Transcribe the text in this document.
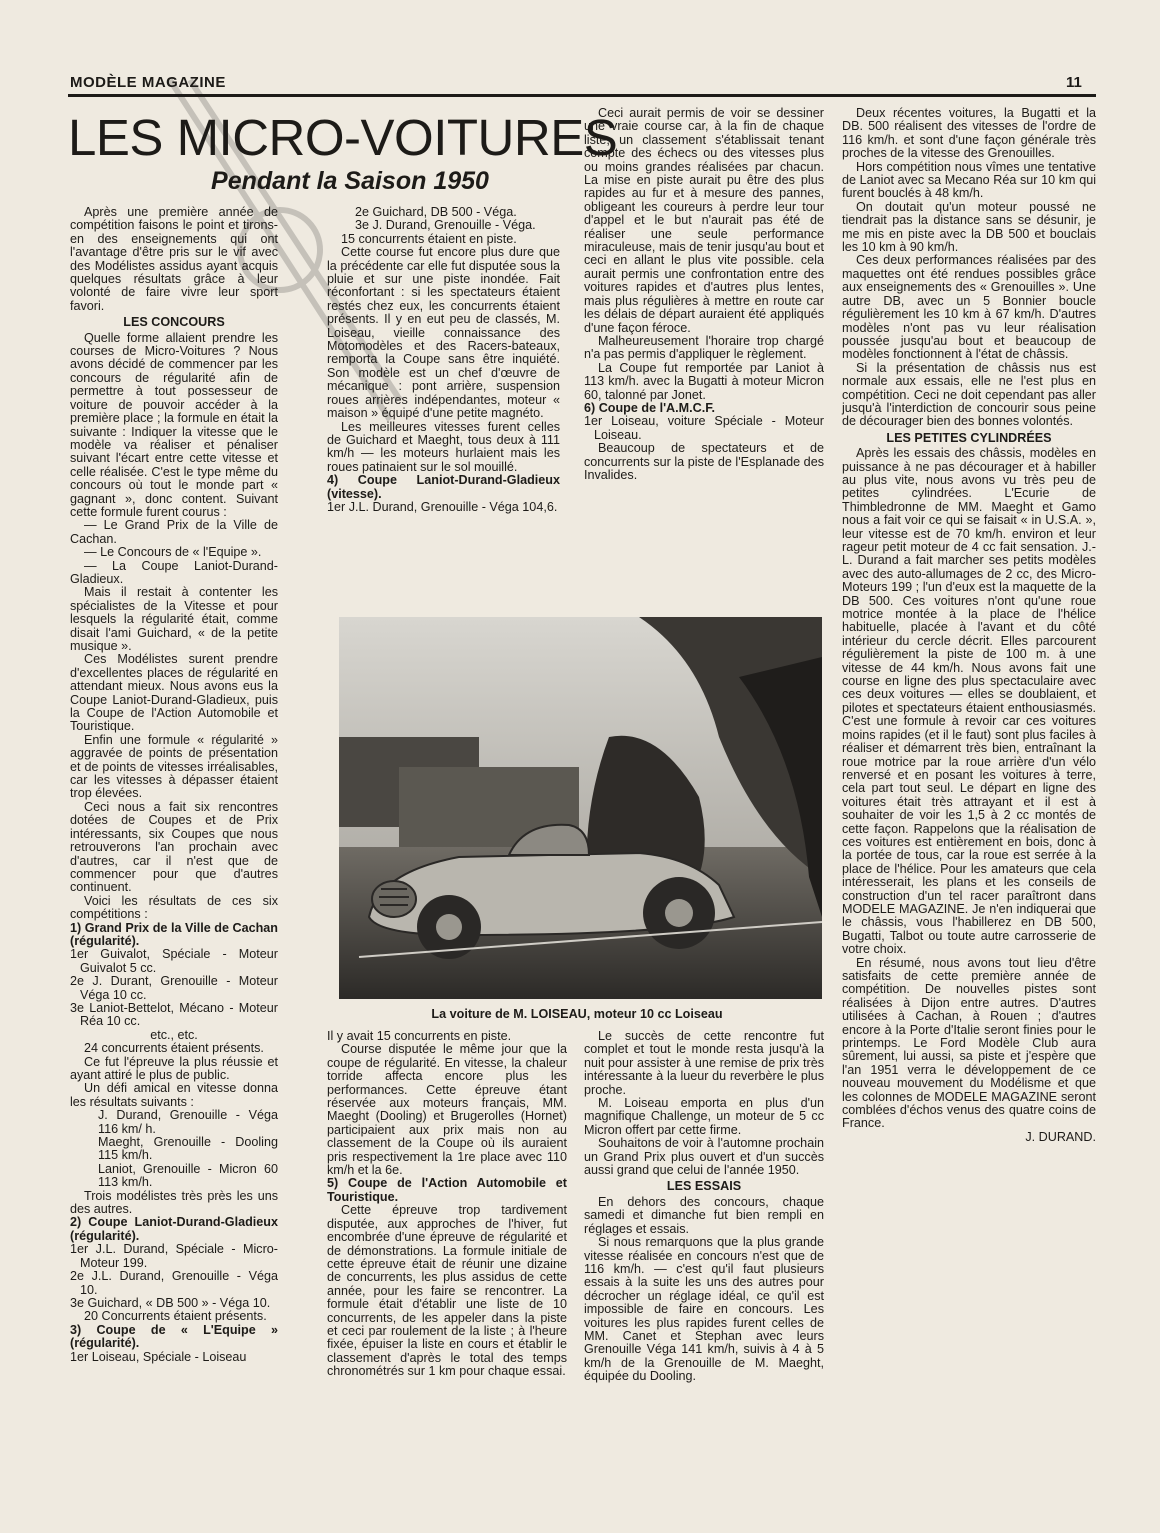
MODÈLE MAGAZINE	11
LES MICRO-VOITURES
Pendant la Saison 1950

Après une première année de compétition faisons le point et tirons-en des enseignements qui ont l'avantage d'être pris sur le vif avec des Modélistes assidus ayant acquis quelques résultats grâce à leur volonté de faire vivre leur sport favori.

LES CONCOURS

Quelle forme allaient prendre les courses de Micro-Voitures ? Nous avons décidé de commencer par les concours de régularité afin de permettre à tout possesseur de voiture de pouvoir accéder à la première place ; la formule en était la suivante : Indiquer la vitesse que le modèle va réaliser et pénaliser suivant l'écart entre cette vitesse et celle réalisée. C'est le type même du concours où tout le monde part « gagnant », donc content. Suivant cette formule furent courus :

— Le Grand Prix de la Ville de Cachan.

— Le Concours de « l'Equipe ».

— La Coupe Laniot-Durand-Gladieux.

Mais il restait à contenter les spécialistes de la Vitesse et pour lesquels la régularité était, comme disait l'ami Guichard, « de la petite musique ».

Ces Modélistes surent prendre d'excellentes places de régularité en attendant mieux. Nous avons eus la Coupe Laniot-Durand-Gladieux, puis la Coupe de l'Action Automobile et Touristique.

Enfin une formule « régularité » aggravée de points de présentation et de points de vitesses irréalisables, car les vitesses à dépasser étaient trop élevées.

Ceci nous a fait six rencontres dotées de Coupes et de Prix intéressants, six Coupes que nous retrouverons l'an prochain avec d'autres, car il n'est que de commencer pour que d'autres continuent.

Voici les résultats de ces six compétitions :

1) Grand Prix de la Ville de Cachan (régularité).

1er Guivalot, Spéciale - Moteur Guivalot 5 cc.

2e J. Durant, Grenouille - Moteur Véga 10 cc.

3e Laniot-Bettelot, Mécano - Moteur Réa 10 cc.

etc., etc.

24 concurrents étaient présents.

Ce fut l'épreuve la plus réussie et ayant attiré le plus de public.

Un défi amical en vitesse donna les résultats suivants :

J. Durand, Grenouille - Véga 116 km/ h.

Maeght, Grenouille - Dooling 115 km/h.

Laniot, Grenouille - Micron 60 113 km/h.

Trois modélistes très près les uns des autres.

2) Coupe Laniot-Durand-Gladieux (régularité).

1er J.L. Durand, Spéciale - Micro-Moteur 199.

2e J.L. Durand, Grenouille - Véga 10.

3e Guichard, « DB 500 » - Véga 10.

20 Concurrents étaient présents.

3) Coupe de « L'Equipe » (régularité).

1er Loiseau, Spéciale - Loiseau

2e Guichard, DB 500 - Véga.

3e J. Durand, Grenouille - Véga.

15 concurrents étaient en piste.

Cette course fut encore plus dure que la précédente car elle fut disputée sous la pluie et sur une piste inondée. Fait réconfortant : si les spectateurs étaient restés chez eux, les concurrents étaient présents. Il y en eut peu de classés, M. Loiseau, vieille connaissance des Motomodèles et des Racers-bateaux, remporta la Coupe sans être inquiété. Son modèle est un chef d'œuvre de mécanique : pont arrière, suspension roues arrières indépendantes, moteur « maison » équipé d'une petite magnéto.

Les meilleures vitesses furent celles de Guichard et Maeght, tous deux à 111 km/h — les moteurs hurlaient mais les roues patinaient sur le sol mouillé.

4) Coupe Laniot-Durand-Gladieux (vitesse).

1er J.L. Durand, Grenouille - Véga 104,6.

Ceci aurait permis de voir se dessiner une vraie course car, à la fin de chaque liste, un classement s'établissait tenant compte des échecs ou des vitesses plus ou moins grandes réalisées par chacun. La mise en piste aurait pu être des plus rapides au fur et à mesure des pannes, obligeant les coureurs à perdre leur tour d'appel et le but n'aurait pas été de réaliser une seule performance miraculeuse, mais de tenir jusqu'au bout et ceci en allant le plus vite possible. cela aurait permis une confrontation entre des voitures rapides et d'autres plus lentes, mais plus régulières à mettre en route car les délais de départ auraient été appliqués d'une façon féroce.

Malheureusement l'horaire trop chargé n'a pas permis d'appliquer le règlement.

La Coupe fut remportée par Laniot à 113 km/h. avec la Bugatti à moteur Micron 60, talonné par Jonet.

6) Coupe de l'A.M.C.F.

1er Loiseau, voiture Spéciale - Moteur Loiseau.

Beaucoup de spectateurs et de concurrents sur la piste de l'Esplanade des Invalides.

Deux récentes voitures, la Bugatti et la DB. 500 réalisent des vitesses de l'ordre de 116 km/h. et sont d'une façon générale très proches de la vitesse des Grenouilles.

Hors compétition nous vîmes une tentative de Laniot avec sa Mecano Réa sur 10 km qui furent bouclés à 48 km/h.

On doutait qu'un moteur poussé ne tiendrait pas la distance sans se désunir, je me mis en piste avec la DB 500 et bouclais les 10 km à 90 km/h.

Ces deux performances réalisées par des maquettes ont été rendues possibles grâce aux enseignements des « Grenouilles ». Une autre DB, avec un 5 Bonnier boucle régulièrement les 10 km à 67 km/h. D'autres modèles n'ont pas vu leur réalisation poussée jusqu'au bout et beaucoup de modèles fonctionnent à l'état de châssis.

Si la présentation de châssis nus est normale aux essais, elle ne l'est plus en compétition. Ceci ne doit cependant pas aller jusqu'à l'interdiction de concourir sous peine de décourager bien des bonnes volontés.

LES PETITES CYLINDRÉES

Après les essais des châssis, modèles en puissance à ne pas décourager et à habiller au plus vite, nous avons vu très peu de petites cylindrées. L'Ecurie de Thimbledronne de MM. Maeght et Gamo nous a fait voir ce qui se faisait « in U.S.A. », leur vitesse est de 70 km/h. environ et leur rageur petit moteur de 4 cc fait sensation. J.-L. Durand a fait marcher ses petits modèles avec des auto-allumages de 2 cc, des Micro-Moteurs 199 ; l'un d'eux est la maquette de la DB 500. Ces voitures n'ont qu'une roue motrice montée à la place de l'hélice habituelle, placée à l'avant et du côté intérieur du cercle décrit. Elles parcourent régulièrement la piste de 100 m. à une vitesse de 44 km/h. Nous avons fait une course en ligne des plus spectaculaire avec ces deux voitures — elles se doublaient, et pilotes et spectateurs étaient enthousiasmés. C'est une formule à revoir car ces voitures moins rapides (et il le faut) sont plus faciles à réaliser et démarrent très bien, entraînant la roue motrice par la roue arrière d'un vélo renversé et en posant les voitures à terre, cela part tout seul. Le départ en ligne des voitures était très attrayant et il est à souhaiter de voir les 1,5 à 2 cc montés de cette façon. Rappelons que la réalisation de ces voitures est entièrement en bois, donc à la portée de tous, car la roue est serrée à la place de l'hélice. Pour les amateurs que cela intéresserait, les plans et les conseils de construction d'un tel racer paraîtront dans MODELE MAGAZINE. Je n'en indiquerai que le châssis, vous l'habillerez en DB 500, Bugatti, Talbot ou toute autre carrosserie de votre choix.

En résumé, nous avons tout lieu d'être satisfaits de cette première année de compétition. De nouvelles pistes sont réalisées à Dijon entre autres. D'autres utilisées à Cachan, à Rouen ; d'autres encore à la Porte d'Italie seront finies pour le printemps. Le Ford Modèle Club aura sûrement, lui aussi, sa piste et j'espère que l'an 1951 verra le développement de ce nouveau mouvement du Modélisme et que les colonnes de MODELE MAGAZINE seront comblées d'échos venus des quatre coins de France.

J. DURAND.

La voiture de M. LOISEAU, moteur 10 cc Loiseau

Il y avait 15 concurrents en piste.

Course disputée le même jour que la coupe de régularité. En vitesse, la chaleur torride affecta encore plus les performances. Cette épreuve étant réservée aux moteurs français, MM. Maeght (Dooling) et Brugerolles (Hornet) participaient aux prix mais non au classement de la Coupe où ils auraient pris respectivement la 1re place avec 110 km/h et la 6e.

5) Coupe de l'Action Automobile et Touristique.

Cette épreuve trop tardivement disputée, aux approches de l'hiver, fut encombrée d'une épreuve de régularité et de démonstrations. La formule initiale de cette épreuve était de réunir une dizaine de concurrents, les plus assidus de cette année, pour les faire se rencontrer. La formule était d'établir une liste de 10 concurrents, de les appeler dans la piste et ceci par roulement de la liste ; à l'heure fixée, épuiser la liste en cours et établir le classement d'après le total des temps chronométrés sur 1 km pour chaque essai.

Le succès de cette rencontre fut complet et tout le monde resta jusqu'à la nuit pour assister à une remise de prix très intéressante à la lueur du reverbère le plus proche.

M. Loiseau emporta en plus d'un magnifique Challenge, un moteur de 5 cc Micron offert par cette firme.

Souhaitons de voir à l'automne prochain un Grand Prix plus ouvert et d'un succès aussi grand que celui de l'année 1950.

LES ESSAIS

En dehors des concours, chaque samedi et dimanche fut bien rempli en réglages et essais.

Si nous remarquons que la plus grande vitesse réalisée en concours n'est que de 116 km/h. — c'est qu'il faut plusieurs essais à la suite les uns des autres pour décrocher un réglage idéal, ce qu'il est impossible de faire en concours. Les voitures les plus rapides furent celles de MM. Canet et Stephan avec leurs Grenouille Véga 141 km/h, suivis à 4 à 5 km/h de la Grenouille de M. Maeght, équipée du Dooling.
